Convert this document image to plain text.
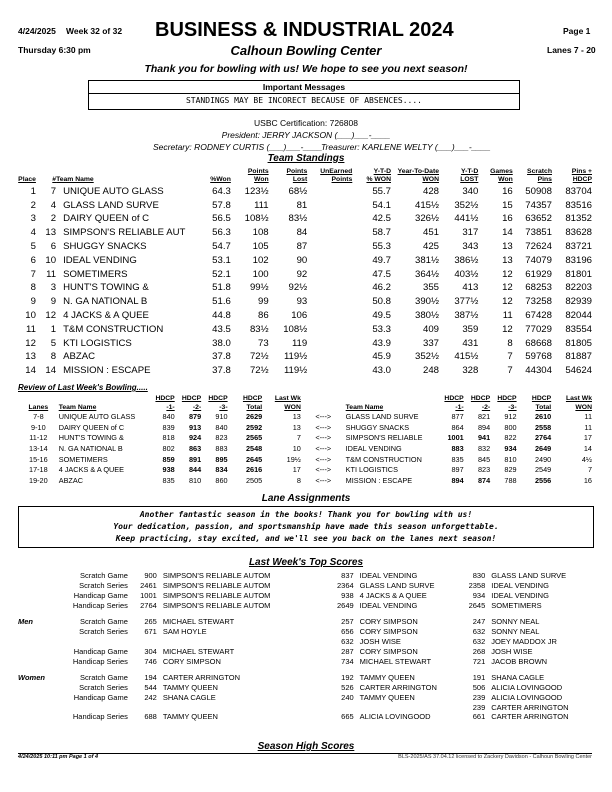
4/24/2025 Week 32 of 32 BUSINESS & INDUSTRIAL 2024	Page 1
Thursday 6:30 pm	Calhoun Bowling Center	Lanes 7 - 20
Thank you for bowling with us! We hope to see you next season!
Important Messages
STANDINGS MAY BE INCORECT BECAUSE OF ABSENCES....
USBC Certification: 726808
President: JERRY JACKSON (___)___-____
Secretary: RODNEY CURTIS (___)___-____
Treasurer: KARLENE WELTY (___)___-____
Team Standings
Place	#	Team Name	%Won	Points
Won	Points
Lost	UnEarned
Points	Y-T-D
% WON	Year-To-Date
WON	Y-T-D
LOST	Games
Won	Scratch
Pins	Pins +
HDCP
1	7	UNIQUE AUTO GLASS	64.3	123½	68½		55.7	428	340	16	50908	83704
2	4	GLASS LAND SURVE	57.8	111	81		54.1	415½	352½	15	74357	83516
3	2	DAIRY QUEEN of C	56.5	108½	83½		42.5	326½	441½	16	63652	81352
4	13	SIMPSON'S RELIABLE AUT	56.3	108	84		58.7	451	317	14	73851	83628
5	6	SHUGGY SNACKS	54.7	105	87		55.3	425	343	13	72624	83721
6	10	IDEAL VENDING	53.1	102	90		49.7	381½	386½	13	74079	83196
7	11	SOMETIMERS	52.1	100	92		47.5	364½	403½	12	61929	81801
8	3	HUNT'S TOWING &	51.8	99½	92½		46.2	355	413	12	68253	82203
9	9	N. GA NATIONAL B	51.6	99	93		50.8	390½	377½	12	73258	82939
10	12	4 JACKS & A QUEE	44.8	86	106		49.5	380½	387½	11	67428	82044
11	1	T&M CONSTRUCTION	43.5	83½	108½		53.3	409	359	12	77029	83554
12	5	KTI LOGISTICS	38.0	73	119		43.9	337	431	8	68668	81805
13	8	ABZAC	37.8	72½	119½		45.9	352½	415½	7	59768	81887
14	14	MISSION : ESCAPE	37.8	72½	119½		43.0	248	328	7	44304	54624
Review of Last Week's Bowling.....
Lanes	Team Name	HDCP
-1-	HDCP
-2-	HDCP
-3-	HDCP
Total	Last Wk
WON		Team Name	HDCP
-1-	HDCP
-2-	HDCP
-3-	HDCP
Total	Last Wk
WON
7-8	UNIQUE AUTO GLASS	840	879	910	2629	13	<--->	GLASS LAND SURVE	877	821	912	2610	11
9-10	DAIRY QUEEN of C	839	913	840	2592	13	<--->	SHUGGY SNACKS	864	894	800	2558	11
11-12	HUNT'S TOWING &	818	924	823	2565	7	<--->	SIMPSON'S RELIABLE	1001	941	822	2764	17
13-14	N. GA NATIONAL B	802	863	883	2548	10	<--->	IDEAL VENDING	883	832	934	2649	14
15-16	SOMETIMERS	859	891	895	2645	19½	<--->	T&M CONSTRUCTION	835	845	810	2490	4½
17-18	4 JACKS & A QUEE	938	844	834	2616	17	<--->	KTI LOGISTICS	897	823	829	2549	7
19-20	ABZAC	835	810	860	2505	8	<--->	MISSION : ESCAPE	894	874	788	2556	16
Lane Assignments
Another fantastic season in the books! Thank you for bowling with us!
Your dedication, passion, and sportsmanship have made this season unforgettable.
Keep practicing, stay excited, and we'll see you back on the lanes next season!
Last Week's Top Scores
	Scratch Game	900	SIMPSON'S RELIABLE AUTOM	837	IDEAL VENDING	830	GLASS LAND SURVE
	Scratch Series	2461	SIMPSON'S RELIABLE AUTOM	2364	GLASS LAND SURVE	2358	IDEAL VENDING
	Handicap Game	1001	SIMPSON'S RELIABLE AUTOM	938	4 JACKS & A QUEE	934	IDEAL VENDING
	Handicap Series	2764	SIMPSON'S RELIABLE AUTOM	2649	IDEAL VENDING	2645	SOMETIMERS
Men	Scratch Game	265	MICHAEL STEWART	257	CORY SIMPSON	247	SONNY NEAL
	Scratch Series	671	SAM HOYLE	656	CORY SIMPSON	632	SONNY NEAL
				632	JOSH WISE	632	JOEY MADDOX JR
	Handicap Game	304	MICHAEL STEWART	287	CORY SIMPSON	268	JOSH WISE
	Handicap Series	746	CORY SIMPSON	734	MICHAEL STEWART	721	JACOB BROWN
Women	Scratch Game	194	CARTER ARRINGTON	192	TAMMY QUEEN	191	SHANA CAGLE
	Scratch Series	544	TAMMY QUEEN	526	CARTER ARRINGTON	506	ALICIA LOVINGOOD
	Handicap Game	242	SHANA CAGLE	240	TAMMY QUEEN	239	ALICIA LOVINGOOD
						239	CARTER ARRINGTON
	Handicap Series	688	TAMMY QUEEN	665	ALICIA LOVINGOOD	661	CARTER ARRINGTON
Season High Scores
4/24/2025 10:11 pm Page 1 of 4	BLS-2025/AS 37.04.12 licensed to Zackery Davidson - Calhoun Bowling Center
